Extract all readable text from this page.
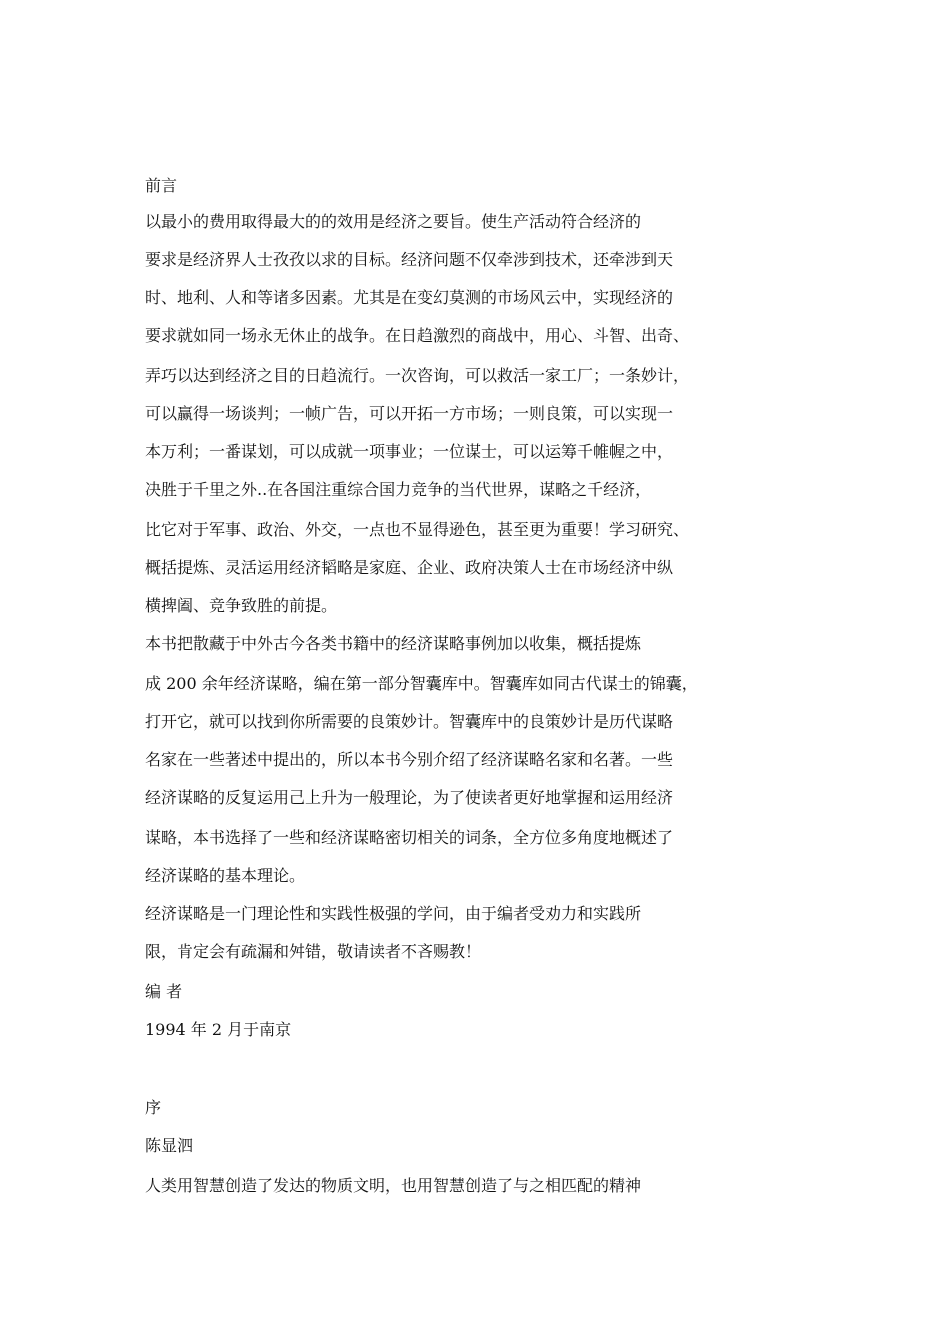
前言

以最小的费用取得最大的的效用是经济之要旨。使生产活动符合经济的

要求是经济界人士孜孜以求的目标。经济问题不仅牵涉到技术，还牵涉到天

时、地利、人和等诸多因素。尤其是在变幻莫测的市场风云中，实现经济的

要求就如同一场永无休止的战争。在日趋激烈的商战中，用心、斗智、出奇、

弄巧以达到经济之目的日趋流行。一次咨询，可以救活一家工厂；一条妙计，

可以赢得一场谈判；一帧广告，可以开拓一方市场；一则良策，可以实现一

本万利；一番谋划，可以成就一项事业；一位谋士，可以运筹千帷幄之中，

决胜于千里之外..在各国注重综合国力竞争的当代世界，谋略之千经济，

比它对于军事、政治、外交，一点也不显得逊色，甚至更为重要！学习研究、

概括提炼、灵活运用经济韬略是家庭、企业、政府决策人士在市场经济中纵

横捭阖、竞争致胜的前提。

本书把散藏于中外古今各类书籍中的经济谋略事例加以收集，概括提炼

成 200 余年经济谋略，编在第一部分智囊库中。智囊库如同古代谋士的锦囊，

打开它，就可以找到你所需要的良策妙计。智囊库中的良策妙计是历代谋略

名家在一些著述中提出的，所以本书今别介绍了经济谋略名家和名著。一些

经济谋略的反复运用己上升为一般理论，为了使读者更好地掌握和运用经济

谋略，本书选择了一些和经济谋略密切相关的词条，全方位多角度地概述了

经济谋略的基本理论。

经济谋略是一门理论性和实践性极强的学问，由于编者受劝力和实践所

限，肯定会有疏漏和舛错，敬请读者不吝赐教！

编 者

1994 年 2 月于南京

序

陈显泗

人类用智慧创造了发达的物质文明，也用智慧创造了与之相匹配的精神
